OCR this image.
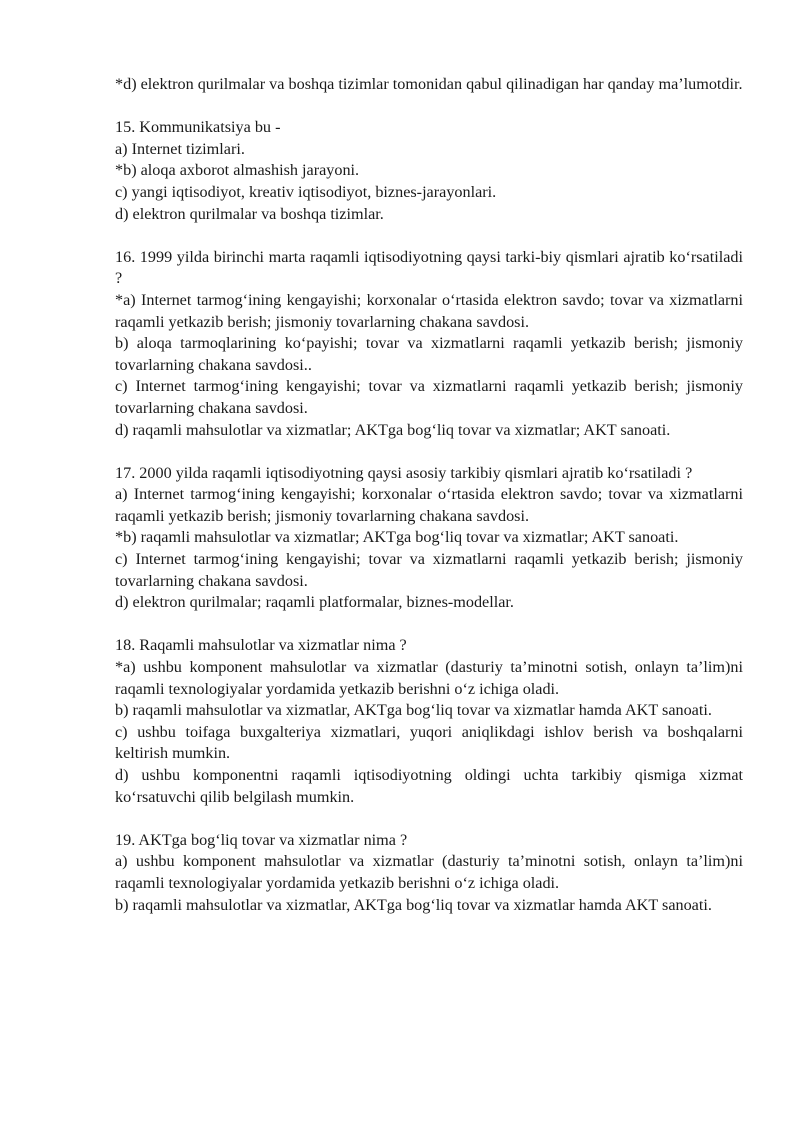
*d) elektron qurilmalar va boshqa tizimlar tomonidan qabul qilinadigan har qanday ma’lumotdir.

15. Kommunikatsiya bu -

a) Internet tizimlari.

*b) aloqa axborot almashish jarayoni.

c) yangi iqtisodiyot, kreativ iqtisodiyot, biznes-jarayonlari.

d) elektron qurilmalar va boshqa tizimlar.

16. 1999 yilda birinchi marta raqamli iqtisodiyotning qaysi tarki-biy qismlari ajratib ko‘rsatiladi ?

*a) Internet tarmog‘ining kengayishi; korxonalar o‘rtasida elektron savdo; tovar va xizmatlarni raqamli yetkazib berish; jismoniy tovarlarning chakana savdosi.

b) aloqa tarmoqlarining ko‘payishi; tovar va xizmatlarni raqamli yetkazib berish; jismoniy tovarlarning chakana savdosi..

c) Internet tarmog‘ining kengayishi; tovar va xizmatlarni raqamli yetkazib berish; jismoniy tovarlarning chakana savdosi.

d) raqamli mahsulotlar va xizmatlar; AKTga bog‘liq tovar va xizmatlar; AKT sanoati.

17. 2000 yilda raqamli iqtisodiyotning qaysi asosiy tarkibiy qismlari ajratib ko‘rsatiladi ?

a) Internet tarmog‘ining kengayishi; korxonalar o‘rtasida elektron savdo; tovar va xizmatlarni raqamli yetkazib berish; jismoniy tovarlarning chakana savdosi.

*b) raqamli mahsulotlar va xizmatlar; AKTga bog‘liq tovar va xizmatlar; AKT sanoati.

c) Internet tarmog‘ining kengayishi; tovar va xizmatlarni raqamli yetkazib berish; jismoniy tovarlarning chakana savdosi.

d) elektron qurilmalar; raqamli platformalar, biznes-modellar.

18. Raqamli mahsulotlar va xizmatlar nima ?

*a) ushbu komponent mahsulotlar va xizmatlar (dasturiy ta’minotni sotish, onlayn ta’lim)ni raqamli texnologiyalar yordamida yetkazib berishni o‘z ichiga oladi.

b) raqamli mahsulotlar va xizmatlar, AKTga bog‘liq tovar va xizmatlar hamda AKT sanoati.

c) ushbu toifaga buxgalteriya xizmatlari, yuqori aniqlikdagi ishlov berish va boshqalarni keltirish mumkin.

d) ushbu komponentni raqamli iqtisodiyotning oldingi uchta tarkibiy qismiga xizmat ko‘rsatuvchi qilib belgilash mumkin.

19. AKTga bog‘liq tovar va xizmatlar nima ?

a) ushbu komponent mahsulotlar va xizmatlar (dasturiy ta’minotni sotish, onlayn ta’lim)ni raqamli texnologiyalar yordamida yetkazib berishni o‘z ichiga oladi.

b) raqamli mahsulotlar va xizmatlar, AKTga bog‘liq tovar va xizmatlar hamda AKT sanoati.
